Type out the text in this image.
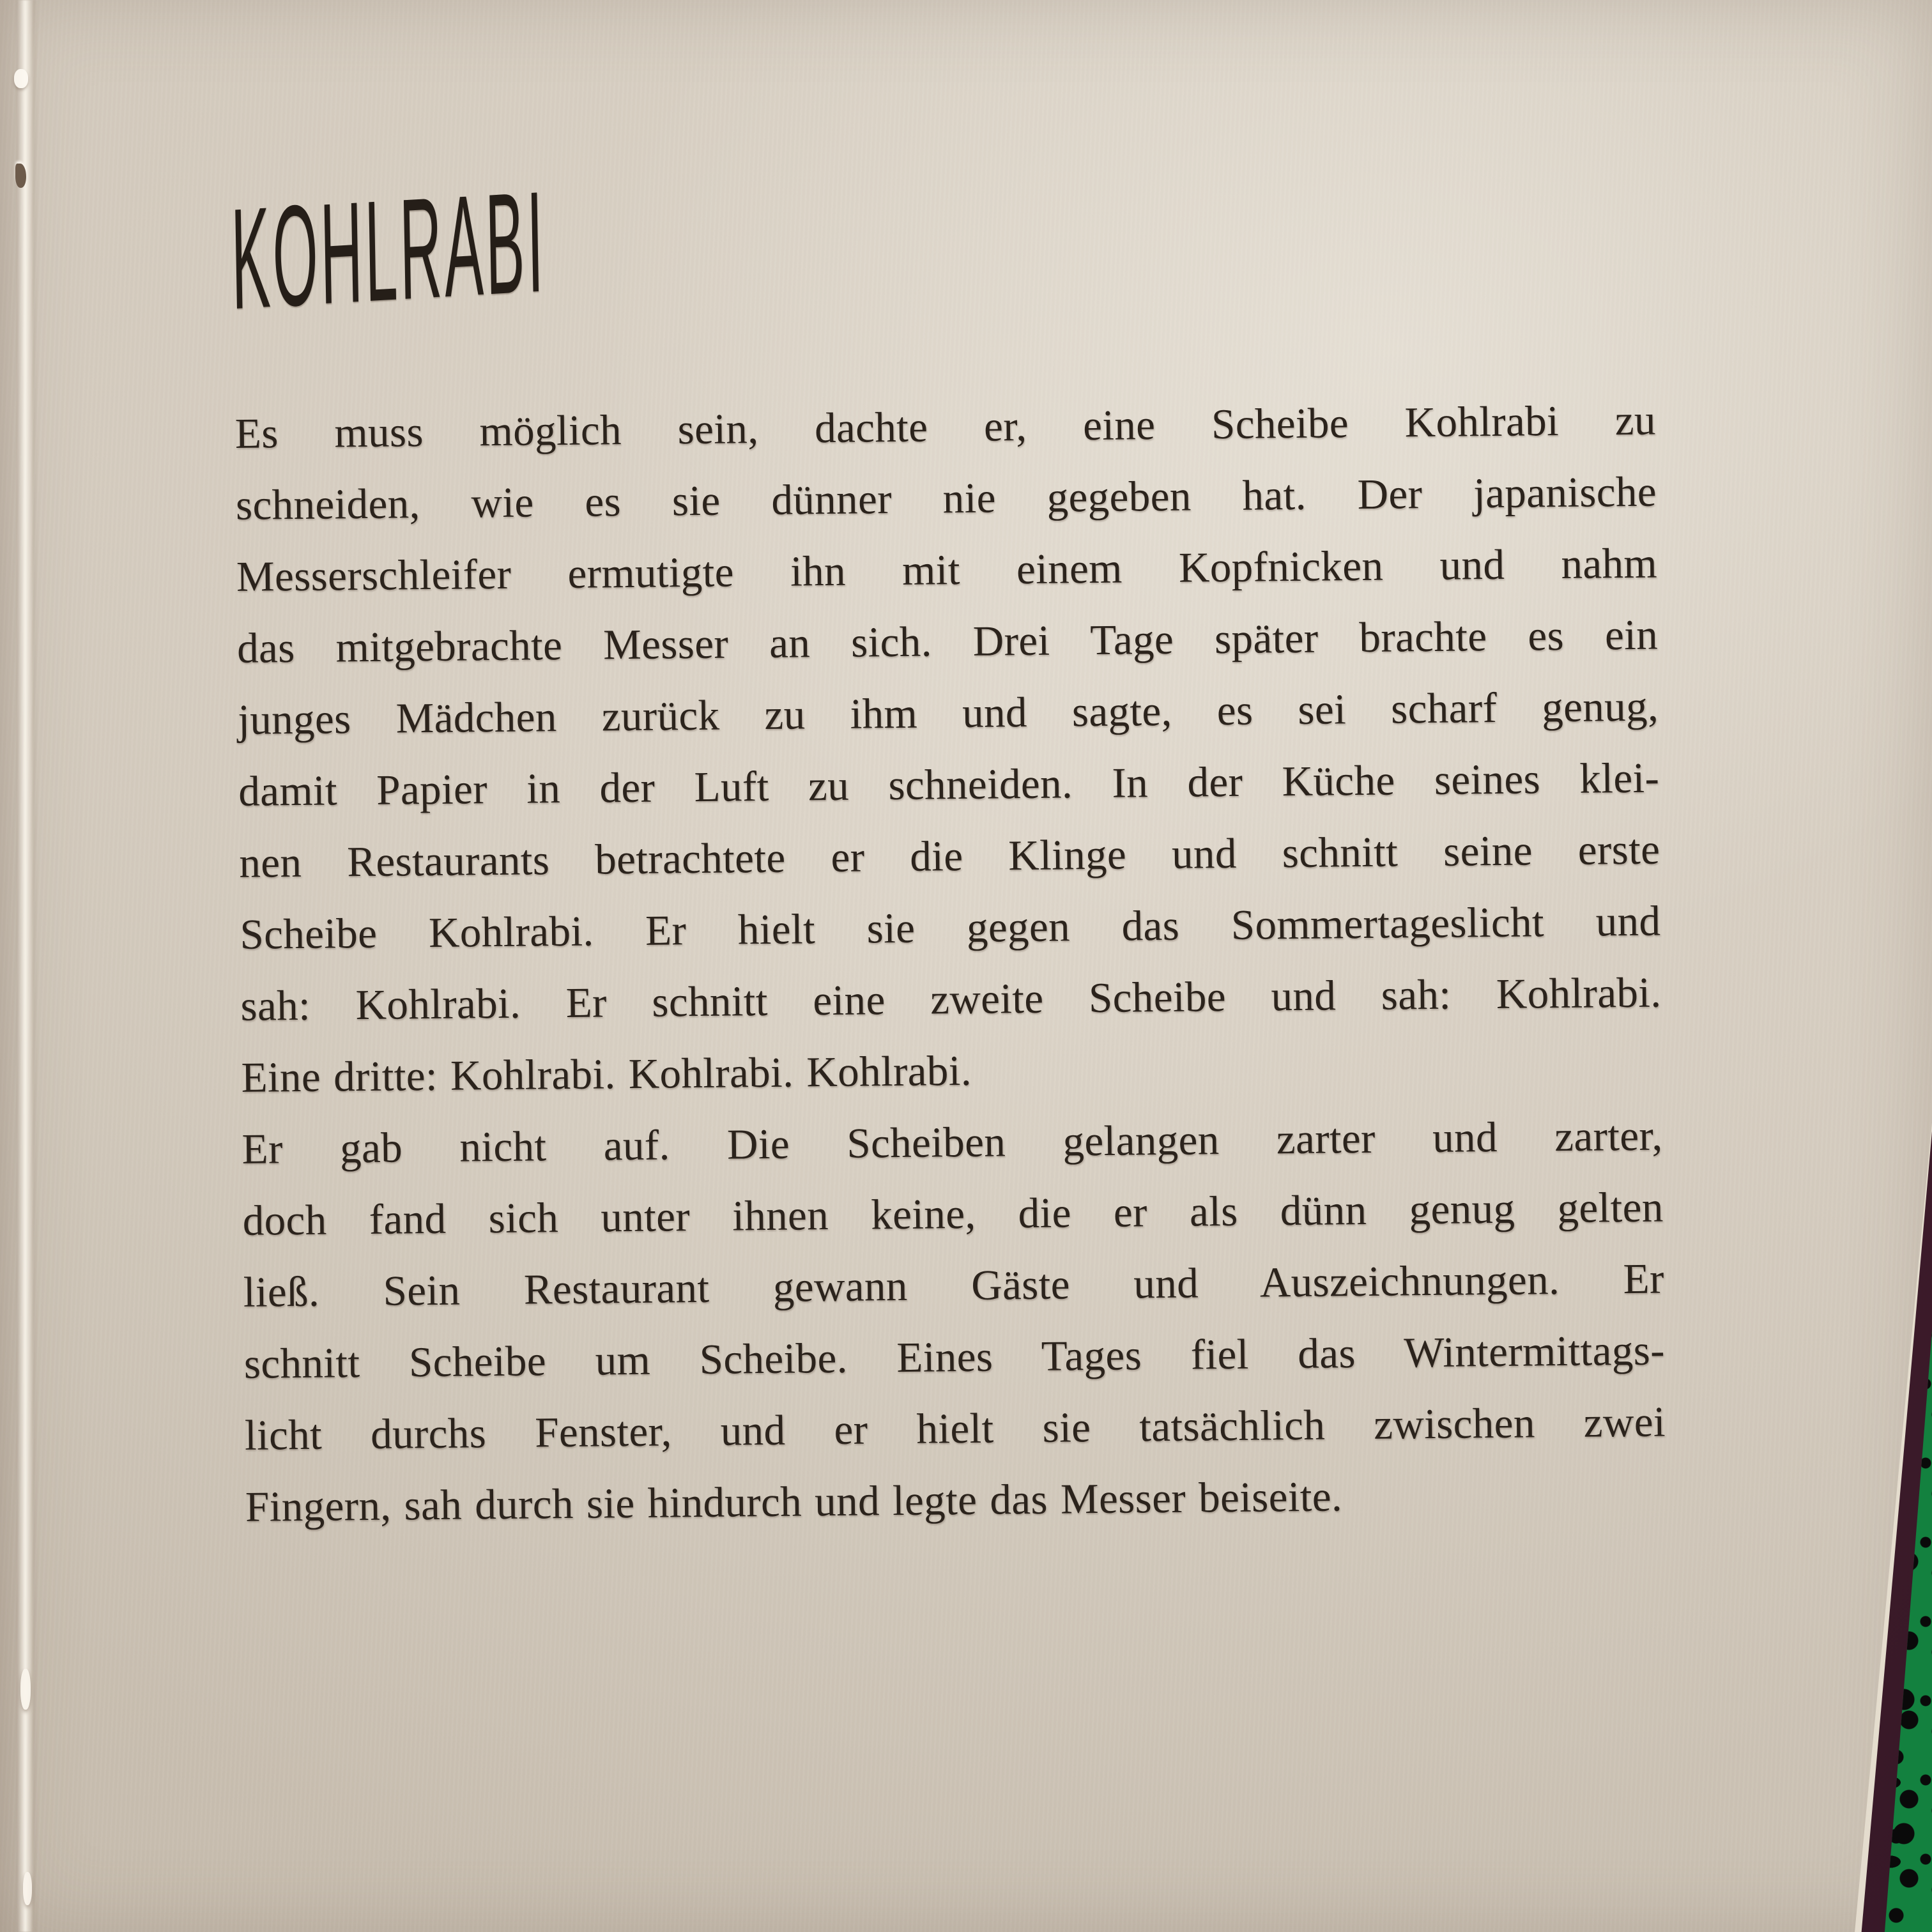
KOHLRABI
Es muss möglich sein, dachte er, eine Scheibe Kohlrabi zu
schneiden, wie es sie dünner nie gegeben hat. Der japanische
Messerschleifer ermutigte ihn mit einem Kopfnicken und nahm
das mitgebrachte Messer an sich. Drei Tage später brachte es ein
junges Mädchen zurück zu ihm und sagte, es sei scharf genug,
damit Papier in der Luft zu schneiden. In der Küche seines klei-
nen Restaurants betrachtete er die Klinge und schnitt seine erste
Scheibe Kohlrabi. Er hielt sie gegen das Sommertageslicht und
sah: Kohlrabi. Er schnitt eine zweite Scheibe und sah: Kohlrabi.
Eine dritte: Kohlrabi. Kohlrabi. Kohlrabi.
Er gab nicht auf. Die Scheiben gelangen zarter und zarter,
doch fand sich unter ihnen keine, die er als dünn genug gelten
ließ. Sein Restaurant gewann Gäste und Auszeichnungen. Er
schnitt Scheibe um Scheibe. Eines Tages fiel das Wintermittags-
licht durchs Fenster, und er hielt sie tatsächlich zwischen zwei
Fingern, sah durch sie hindurch und legte das Messer beiseite.
